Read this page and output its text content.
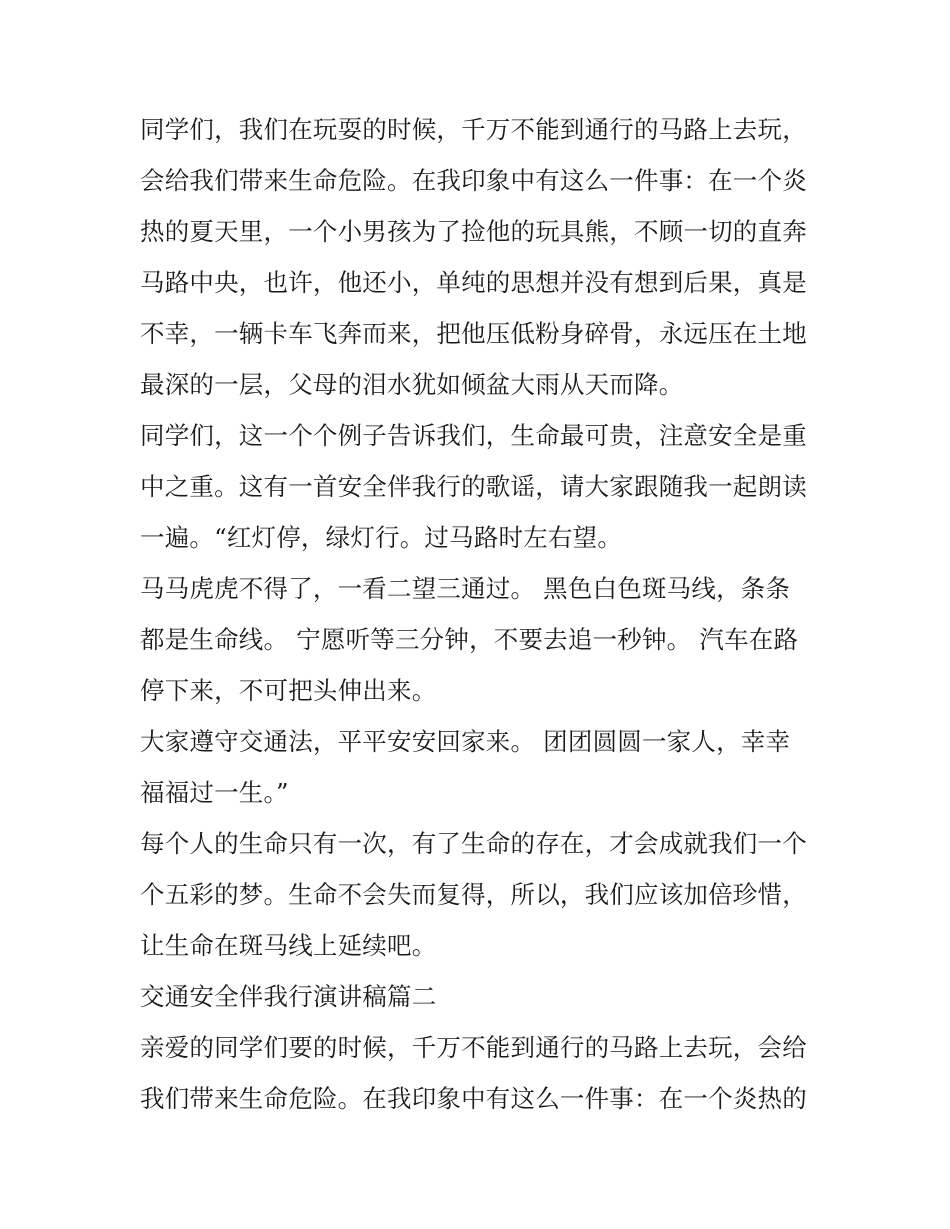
同学们，我们在玩耍的时候，千万不能到通行的马路上去玩，
会给我们带来生命危险。在我印象中有这么一件事：在一个炎
热的夏天里，一个小男孩为了捡他的玩具熊，不顾一切的直奔
马路中央，也许，他还小，单纯的思想并没有想到后果，真是
不幸，一辆卡车飞奔而来，把他压低粉身碎骨，永远压在土地
最深的一层，父母的泪水犹如倾盆大雨从天而降。
同学们，这一个个例子告诉我们，生命最可贵，注意安全是重
中之重。这有一首安全伴我行的歌谣，请大家跟随我一起朗读
一遍。“红灯停，绿灯行。过马路时左右望。
马马虎虎不得了，一看二望三通过。 黑色白色斑马线，条条
都是生命线。 宁愿听等三分钟，不要去追一秒钟。 汽车在路
停下来，不可把头伸出来。
大家遵守交通法，平平安安回家来。 团团圆圆一家人，幸幸
福福过一生。”
每个人的生命只有一次，有了生命的存在，才会成就我们一个
个五彩的梦。生命不会失而复得，所以，我们应该加倍珍惜，
让生命在斑马线上延续吧。
交通安全伴我行演讲稿篇二
亲爱的同学们要的时候，千万不能到通行的马路上去玩，会给
我们带来生命危险。在我印象中有这么一件事：在一个炎热的
